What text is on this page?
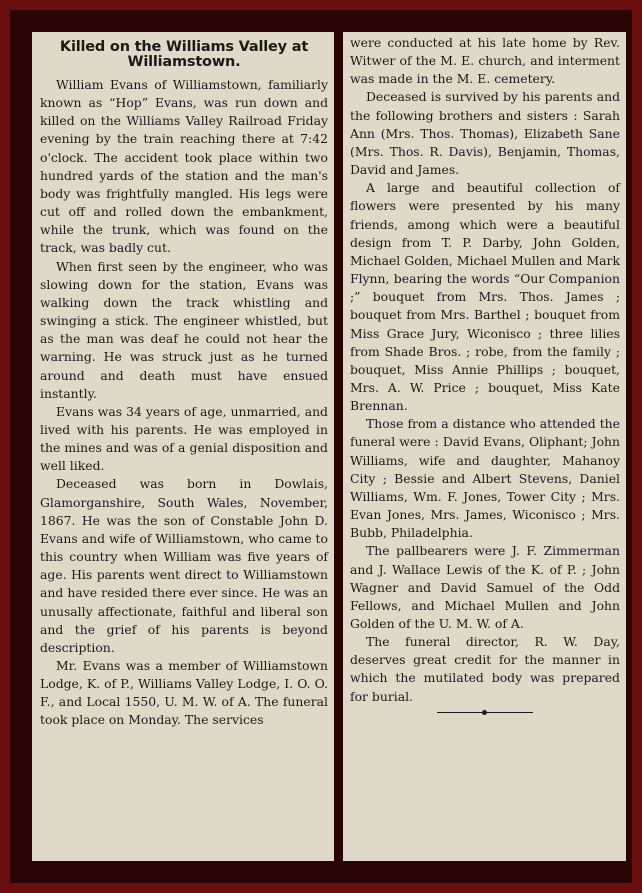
Killed on the Williams Valley at Williamstown.

William Evans of Williamstown, familiarly known as “Hop” Evans, was run down and killed on the Williams Valley Railroad Friday evening by the train reaching there at 7:42 o'clock. The accident took place within two hundred yards of the station and the man's body was frightfully mangled. His legs were cut off and rolled down the embankment, while the trunk, which was found on the track, was badly cut.

When first seen by the engineer, who was slowing down for the station, Evans was walking down the track whistling and swinging a stick. The engineer whistled, but as the man was deaf he could not hear the warning. He was struck just as he turned around and death must have ensued instantly.

Evans was 34 years of age, unmarried, and lived with his parents. He was employed in the mines and was of a genial disposition and well liked.

Deceased was born in Dowlais, Glamorganshire, South Wales, November, 1867. He was the son of Constable John D. Evans and wife of Williamstown, who came to this country when William was five years of age. His parents went direct to Williamstown and have resided there ever since. He was an unusally affectionate, faithful and liberal son and the grief of his parents is beyond description.

Mr. Evans was a member of Williamstown Lodge, K. of P., Williams Valley Lodge, I. O. O. F., and Local 1550, U. M. W. of A. The funeral took place on Monday. The services

were conducted at his late home by Rev. Witwer of the M. E. church, and interment was made in the M. E. cemetery.

Deceased is survived by his parents and the following brothers and sisters : Sarah Ann (Mrs. Thos. Thomas), Elizabeth Sane (Mrs. Thos. R. Davis), Benjamin, Thomas, David and James.

A large and beautiful collection of flowers were presented by his many friends, among which were a beautiful design from T. P. Darby, John Golden, Michael Golden, Michael Mullen and Mark Flynn, bearing the words “Our Companion ;” bouquet from Mrs. Thos. James ; bouquet from Mrs. Barthel ; bouquet from Miss Grace Jury, Wiconisco ; three lilies from Shade Bros. ; robe, from the family ; bouquet, Miss Annie Phillips ; bouquet, Mrs. A. W. Price ; bouquet, Miss Kate Brennan.

Those from a distance who attended the funeral were : David Evans, Oliphant; John Williams, wife and daughter, Mahanoy City ; Bessie and Albert Stevens, Daniel Williams, Wm. F. Jones, Tower City ; Mrs. Evan Jones, Mrs. James, Wiconisco ; Mrs. Bubb, Philadelphia.

The pallbearers were J. F. Zimmerman and J. Wallace Lewis of the K. of P. ; John Wagner and David Samuel of the Odd Fellows, and Michael Mullen and John Golden of the U. M. W. of A.

The funeral director, R. W. Day, deserves great credit for the manner in which the mutilated body was prepared for burial.
